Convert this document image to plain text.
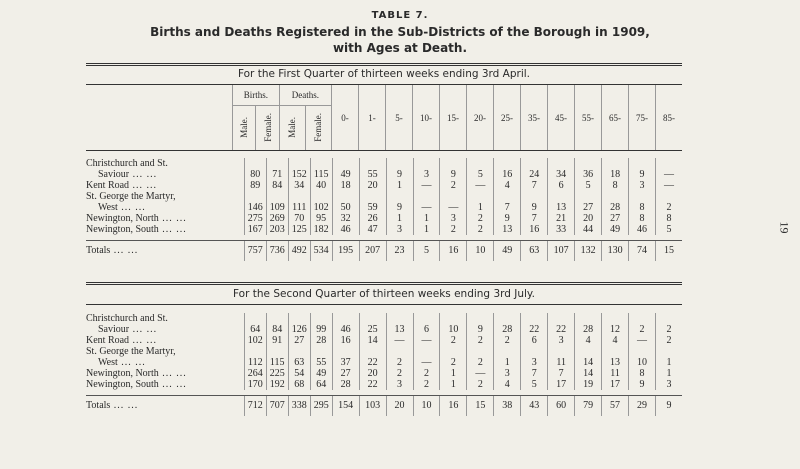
TABLE 7.
Births and Deaths Registered in the Sub-Districts of the Borough in 1909,
with Ages at Death.
19
For the First Quarter of thirteen weeks ending 3rd April.
	Births.		Deaths.		0-	1-	5-	10-	15-	20-	25-	35-	45-	55-	65-	75-	85-
	Male.	Female.	Male.	Female.													
Christchurch and St.																	
Saviour ... ...	80	71	152	115	49	55	9	3	9	5	16	24	34	36	18	9	—
Kent Road ... ...	89	84	34	40	18	20	1	—	2	—	4	7	6	5	8	3	—
St. George the Martyr,																	
West ... ...	146	109	111	102	50	59	9	—	—	1	7	9	13	27	28	8	2
Newington, North ... ...	275	269	70	95	32	26	1	1	3	2	9	7	21	20	27	8	8
Newington, South ... ...	167	203	125	182	46	47	3	1	2	2	13	16	33	44	49	46	5

Totals ... ...	757	736	492	534	195	207	23	5	16	10	49	63	107	132	130	74	15
For the Second Quarter of thirteen weeks ending 3rd July.
Christchurch and St.																	
Saviour ... ...	64	84	126	99	46	25	13	6	10	9	28	22	22	28	12	2	2
Kent Road ... ...	102	91	27	28	16	14	—	—	2	2	2	6	3	4	4	—	2
St. George the Martyr,																	
West ... ...	112	115	63	55	37	22	2	—	2	2	1	3	11	14	13	10	1
Newington, North ... ...	264	225	54	49	27	20	2	2	1	—	3	7	7	14	11	8	1
Newington, South ... ...	170	192	68	64	28	22	3	2	1	2	4	5	17	19	17	9	3

Totals ... ...	712	707	338	295	154	103	20	10	16	15	38	43	60	79	57	29	9
